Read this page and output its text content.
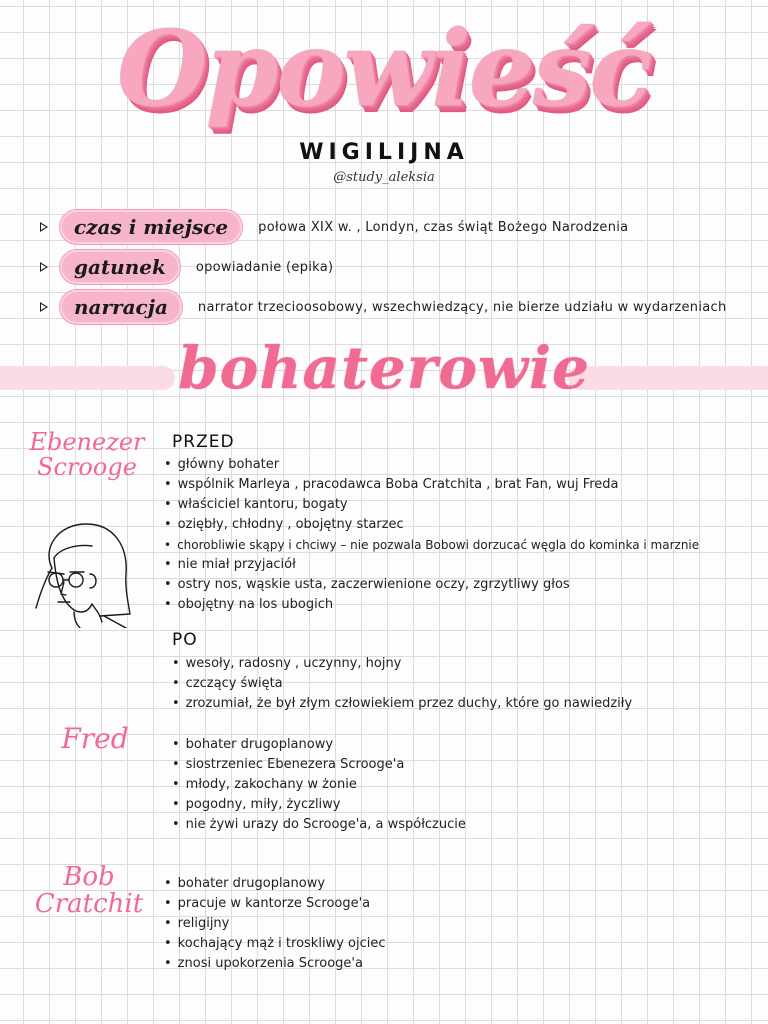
Opowieść
WIGILIJNA
@study_aleksia
czas i miejsce	połowa XIX w. , Londyn, czas świąt Bożego Narodzenia
gatunek	opowiadanie (epika)
narracja	narrator trzecioosobowy, wszechwiedzący, nie bierze udziału w wydarzeniach
bohaterowie
Ebenezer
Scrooge
PRZED
• główny bohater
• wspólnik Marleya , pracodawca Boba Cratchita , brat Fan, wuj Freda
• właściciel kantoru, bogaty
• oziębły, chłodny , obojętny starzec
• chorobliwie skąpy i chciwy – nie pozwala Bobowi dorzucać węgla do kominka i marznie
• nie miał przyjaciół
• ostry nos, wąskie usta, zaczerwienione oczy, zgrzytliwy głos
• obojętny na los ubogich
PO
• wesoły, radosny , uczynny, hojny
• czczący święta
• zrozumiał, że był złym człowiekiem przez duchy, które go nawiedziły
Fred
•	bohater drugoplanowy
• siostrzeniec Ebenezera Scrooge'a
• młody, zakochany w żonie
• pogodny, miły, życzliwy
• nie żywi urazy do Scrooge'a, a współczucie
Bob
Cratchit
• bohater drugoplanowy
• pracuje w kantorze Scrooge'a
• religijny
• kochający mąż i troskliwy ojciec
• znosi upokorzenia Scrooge'a
